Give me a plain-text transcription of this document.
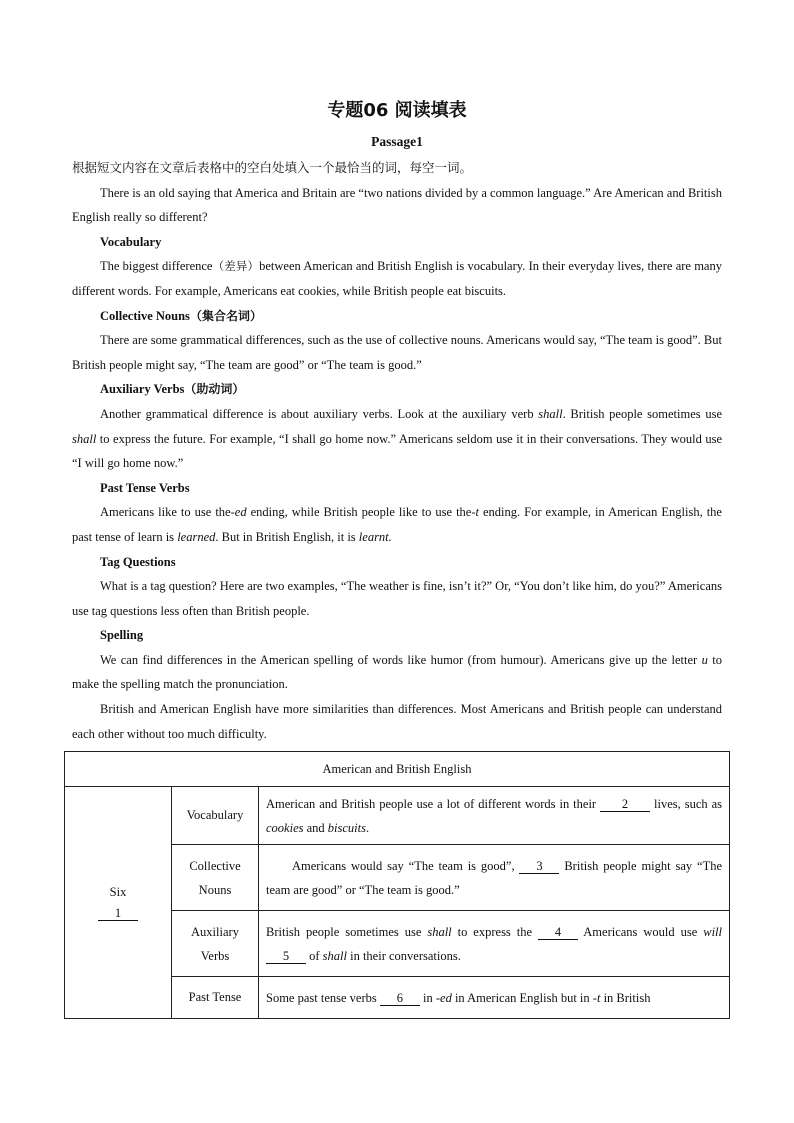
专题06 阅读填表
Passage1

根据短文内容在文章后表格中的空白处填入一个最恰当的词，每空一词。

There is an old saying that America and Britain are “two nations divided by a common language.” Are American and British English really so different?

Vocabulary

The biggest difference（差异）between American and British English is vocabulary. In their everyday lives, there are many different words. For example, Americans eat cookies, while British people eat biscuits.

Collective Nouns（集合名词）

There are some grammatical differences, such as the use of collective nouns. Americans would say, “The team is good”. But British people might say, “The team are good” or “The team is good.”

Auxiliary Verbs（助动词）

Another grammatical difference is about auxiliary verbs. Look at the auxiliary verb shall. British people sometimes use shall to express the future. For example, “I shall go home now.” Americans seldom use it in their conversations. They would use “I will go home now.”

Past Tense Verbs

Americans like to use the-ed ending, while British people like to use the-t ending. For example, in American English, the past tense of learn is learned. But in British English, it is learnt.

Tag Questions

What is a tag question? Here are two examples, “The weather is fine, isn’t it?” Or, “You don’t like him, do you?” Americans use tag questions less often than British people.

Spelling

We can find differences in the American spelling of words like humor (from humour). Americans give up the letter u to make the spelling match the pronunciation.

British and American English have more similarities than differences. Most Americans and British people can understand each other without too much difficulty.

American and British English		

Six
1	Vocabulary	American and British people use a lot of different words in their 2 lives, such as cookies and biscuits.

	Collective
Nouns	Americans would say “The team is good”, 3 British people might say “The team are good” or “The team is good.”

	Auxiliary
Verbs	British people sometimes use shall to express the 4 Americans would use will 5 of shall in their conversations.
	Past Tense	Some past tense verbs 6 in -ed in American English but in -t in British
